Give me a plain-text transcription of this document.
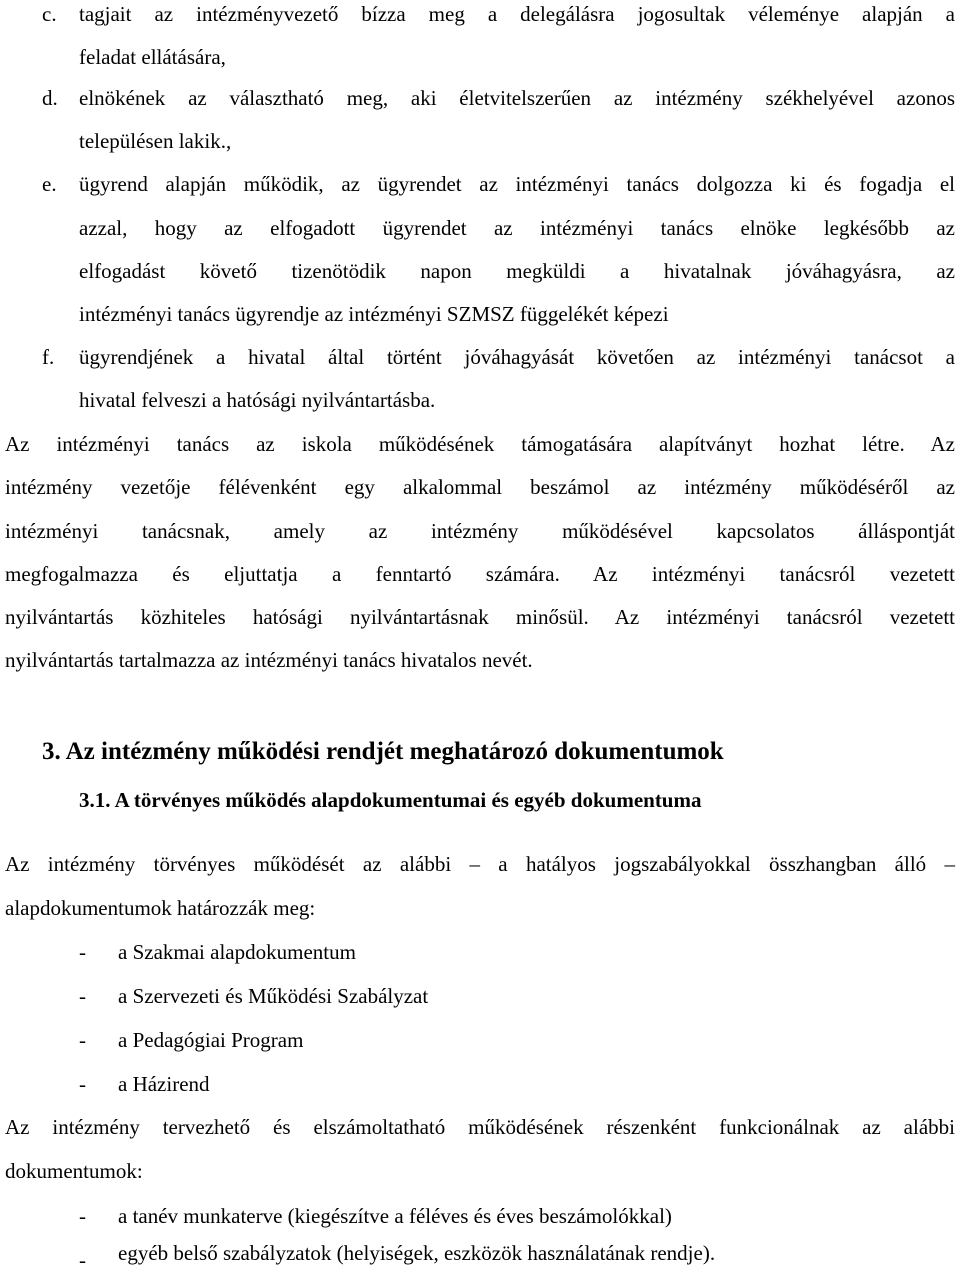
c.	tagjait az intézményvezető bízza meg a delegálásra jogosultak véleménye alapján a
feladat ellátására,
d.	elnökének az választható meg, aki életvitelszerűen az intézmény székhelyével azonos
településen lakik.,
e.	ügyrend alapján működik, az ügyrendet az intézményi tanács dolgozza ki és fogadja el
azzal, hogy az elfogadott ügyrendet az intézményi tanács elnöke legkésőbb az
elfogadást követő tizenötödik napon megküldi a hivatalnak jóváhagyásra, az
intézményi tanács ügyrendje az intézményi SZMSZ függelékét képezi
f.	ügyrendjének a hivatal által történt jóváhagyását követően az intézményi tanácsot a
hivatal felveszi a hatósági nyilvántartásba.
Az intézményi tanács az iskola működésének támogatására alapítványt hozhat létre. Az
intézmény vezetője félévenként egy alkalommal beszámol az intézmény működéséről az
intézményi tanácsnak, amely az intézmény működésével kapcsolatos álláspontját
megfogalmazza és eljuttatja a fenntartó számára. Az intézményi tanácsról vezetett
nyilvántartás közhiteles hatósági nyilvántartásnak minősül. Az intézményi tanácsról vezetett
nyilvántartás tartalmazza az intézményi tanács hivatalos nevét.
3. Az intézmény működési rendjét meghatározó dokumentumok
3.1. A törvényes működés alapdokumentumai és egyéb dokumentuma
Az intézmény törvényes működését az alábbi – a hatályos jogszabályokkal összhangban álló –
alapdokumentumok határozzák meg:
- a Szakmai alapdokumentum
- a Szervezeti és Működési Szabályzat
- a Pedagógiai Program
- a Házirend
Az intézmény tervezhető és elszámoltatható működésének részenként funkcionálnak az alábbi
dokumentumok:
- a tanév munkaterve (kiegészítve a féléves és éves beszámolókkal)
- egyéb belső szabályzatok (helyiségek, eszközök használatának rendje).
